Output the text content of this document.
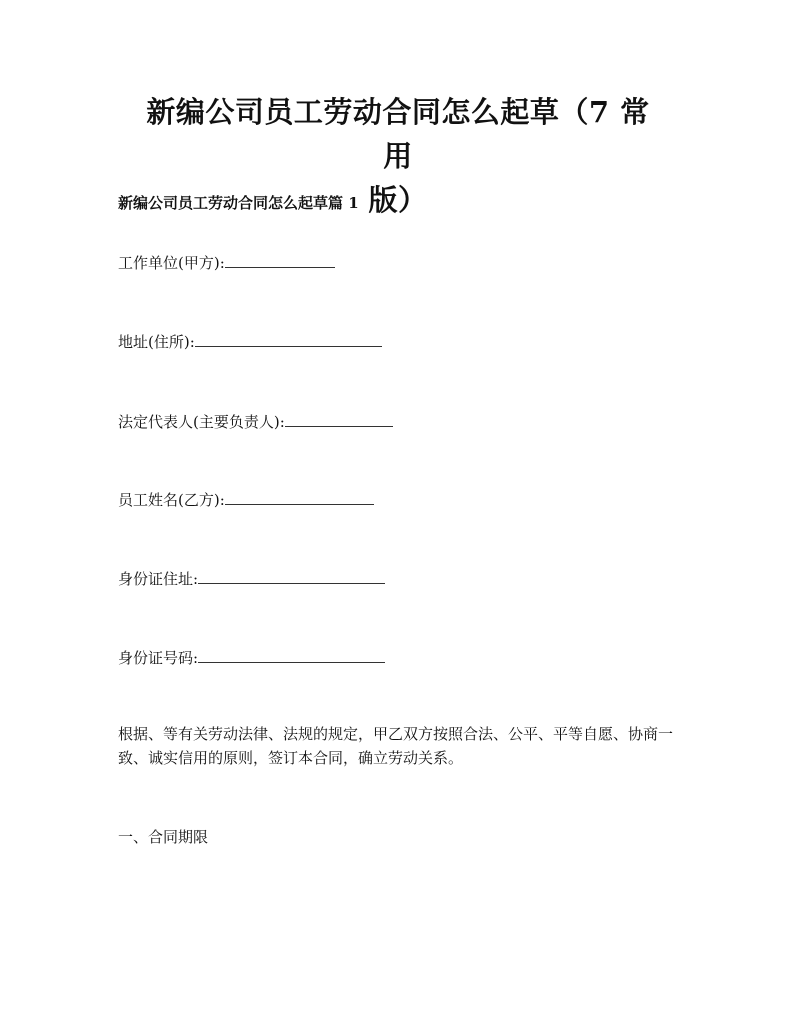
新编公司员工劳动合同怎么起草（7 常用
版）
新编公司员工劳动合同怎么起草篇 1
工作单位(甲方):
地址(住所):
法定代表人(主要负责人):
员工姓名(乙方):
身份证住址:
身份证号码:
根据、等有关劳动法律、法规的规定，甲乙双方按照合法、公平、平等自愿、协商一致、诚实信用的原则，签订本合同，确立劳动关系。
一、合同期限
